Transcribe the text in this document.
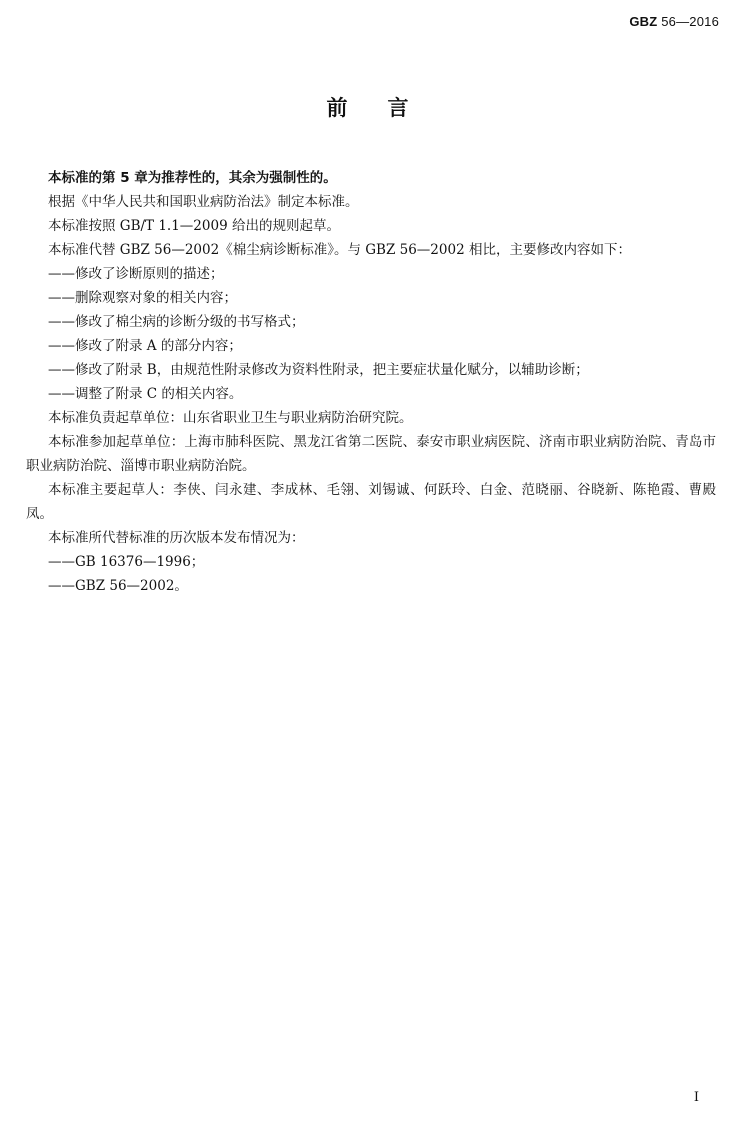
GBZ 56—2016
前言

本标准的第 5 章为推荐性的，其余为强制性的。

根据《中华人民共和国职业病防治法》制定本标准。

本标准按照 GB/T 1.1—2009 给出的规则起草。

本标准代替 GBZ 56—2002《棉尘病诊断标准》。与 GBZ 56—2002 相比，主要修改内容如下：

——修改了诊断原则的描述；

——删除观察对象的相关内容；

——修改了棉尘病的诊断分级的书写格式；

——修改了附录 A 的部分内容；

——修改了附录 B，由规范性附录修改为资料性附录，把主要症状量化赋分，以辅助诊断；

——调整了附录 C 的相关内容。

本标准负责起草单位：山东省职业卫生与职业病防治研究院。

本标准参加起草单位：上海市肺科医院、黑龙江省第二医院、泰安市职业病医院、济南市职业病防治院、青岛市职业病防治院、淄博市职业病防治院。

本标准主要起草人：李侠、闫永建、李成林、毛翎、刘锡诚、何跃玲、白金、范晓丽、谷晓新、陈艳霞、曹殿凤。

本标准所代替标准的历次版本发布情况为：

——GB 16376—1996；

——GBZ 56—2002。

I
